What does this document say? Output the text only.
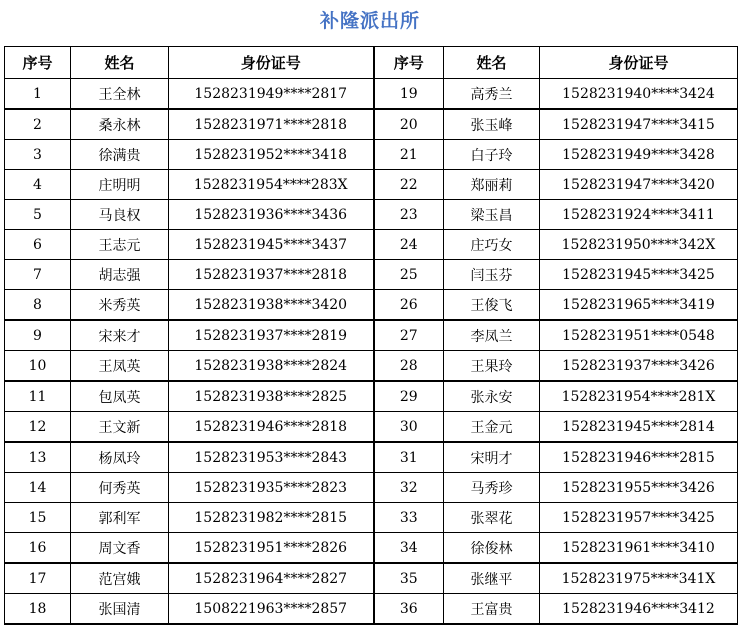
补隆派出所
序号	姓名	身份证号	序号	姓名	身份证号
1	王全林	1528231949****2817	19	高秀兰	1528231940****3424
2	桑永林	1528231971****2818	20	张玉峰	1528231947****3415
3	徐满贵	1528231952****3418	21	白子玲	1528231949****3428
4	庄明明	1528231954****283X	22	郑丽莉	1528231947****3420
5	马良权	1528231936****3436	23	梁玉昌	1528231924****3411
6	王志元	1528231945****3437	24	庄巧女	1528231950****342X
7	胡志强	1528231937****2818	25	闫玉芬	1528231945****3425
8	米秀英	1528231938****3420	26	王俊飞	1528231965****3419
9	宋来才	1528231937****2819	27	李凤兰	1528231951****0548
10	王凤英	1528231938****2824	28	王果玲	1528231937****3426
11	包凤英	1528231938****2825	29	张永安	1528231954****281X
12	王文新	1528231946****2818	30	王金元	1528231945****2814
13	杨凤玲	1528231953****2843	31	宋明才	1528231946****2815
14	何秀英	1528231935****2823	32	马秀珍	1528231955****3426
15	郭利军	1528231982****2815	33	张翠花	1528231957****3425
16	周文香	1528231951****2826	34	徐俊林	1528231961****3410
17	范宫娥	1528231964****2827	35	张继平	1528231975****341X
18	张国清	1508221963****2857	36	王富贵	1528231946****3412
